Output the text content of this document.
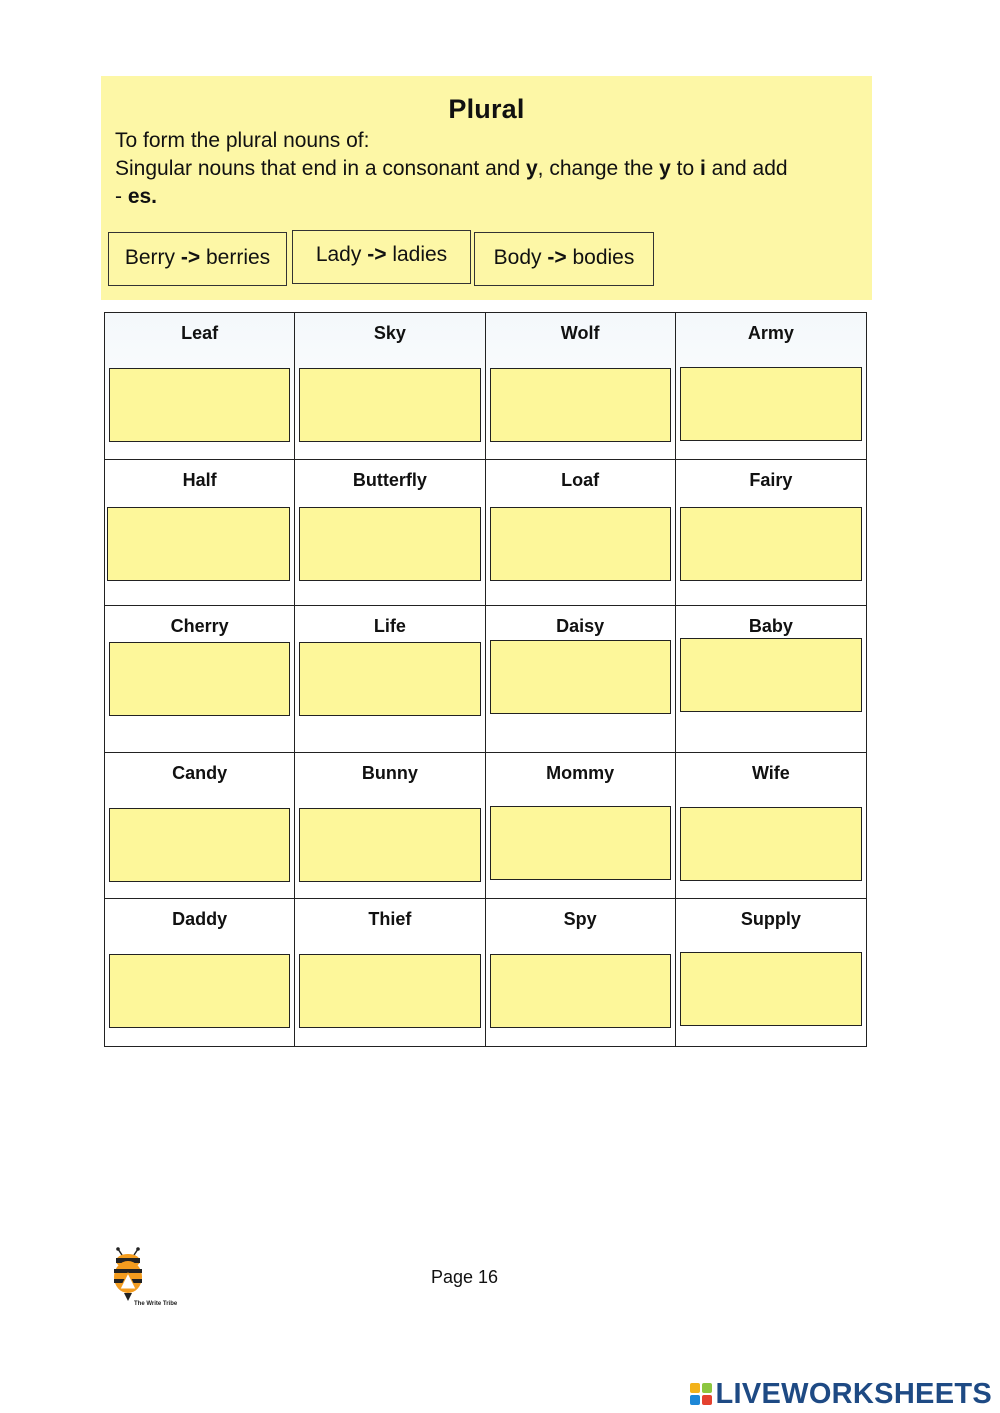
Plural
To form the plural nouns of:
Singular nouns that end in a consonant and y, change the y to i and add
- es.
Berry -> berries	Lady -> ladies	Body -> bodies
Leaf	Sky	Wolf	Army
Half	Butterfly	Loaf	Fairy
Cherry	Life	Daisy	Baby
Candy	Bunny	Mommy	Wife
Daddy	Thief	Spy	Supply
The Write Tribe
Page 16
LIVEWORKSHEETS
